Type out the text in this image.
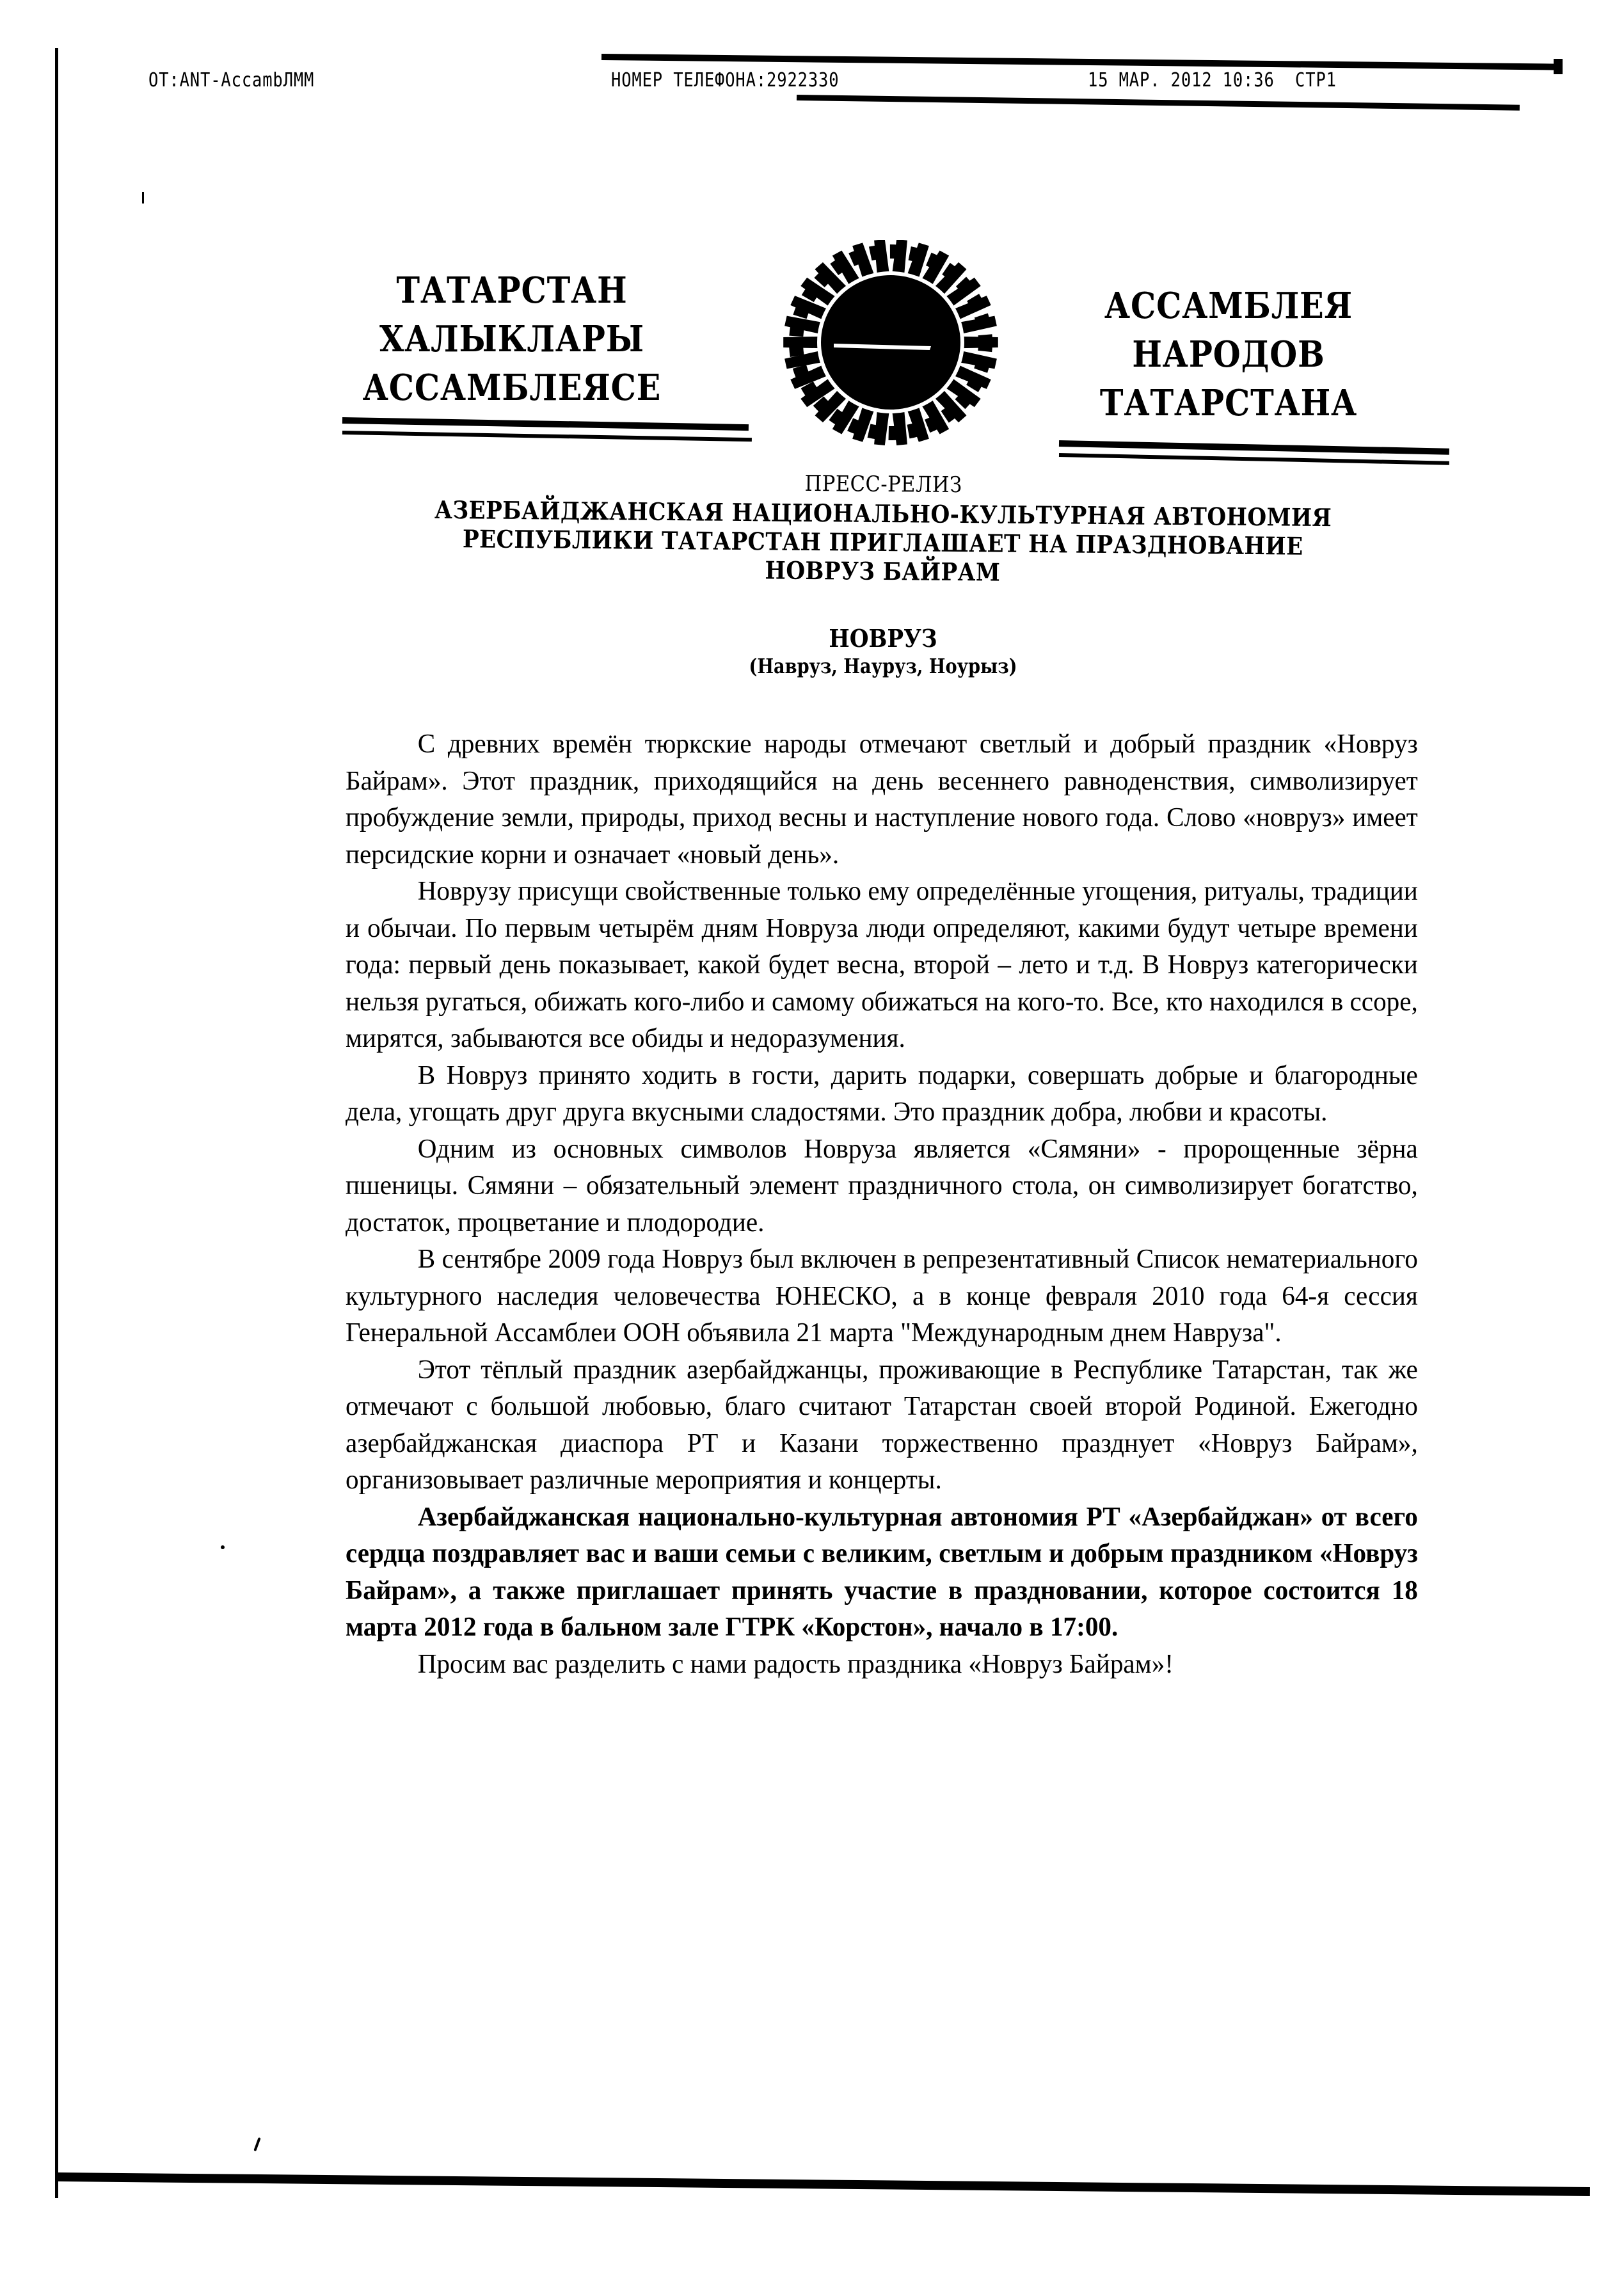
OT:ANT-AccambЛММ	НОМЕР ТЕЛЕФОНА:2922330	15 МАР. 2012 10:36  СТР1
ТАТАРСТАН
ХАЛЫКЛАРЫ
АССАМБЛЕЯСЕ
АССАМБЛЕЯ
НАРОДОВ
ТАТАРСТАНА
ПРЕСС-РЕЛИЗ
АЗЕРБАЙДЖАНСКАЯ НАЦИОНАЛЬНО-КУЛЬТУРНАЯ АВТОНОМИЯ
РЕСПУБЛИКИ ТАТАРСТАН ПРИГЛАШАЕТ НА ПРАЗДНОВАНИЕ
НОВРУЗ БАЙРАМ
НОВРУЗ
(Навруз, Науруз, Ноурыз)

С древних времён тюркские народы отмечают светлый и добрый праздник «Новруз Байрам». Этот праздник, приходящийся на день весеннего равноденствия, символизирует пробуждение земли, природы, приход весны и наступление нового года. Слово «новруз» имеет персидские корни и означает «новый день».

Новрузу присущи свойственные только ему определённые угощения, ритуалы, традиции и обычаи. По первым четырём дням Новруза люди определяют, какими будут четыре времени года: первый день показывает, какой будет весна, второй – лето и т.д. В Новруз категорически нельзя ругаться, обижать кого-либо и самому обижаться на кого-то. Все, кто находился в ссоре, мирятся, забываются все обиды и недоразумения.

В Новруз принято ходить в гости, дарить подарки, совершать добрые и благородные дела, угощать друг друга вкусными сладостями. Это праздник добра, любви и красоты.

Одним из основных символов Новруза является «Сямяни» - пророщенные зёрна пшеницы. Сямяни – обязательный элемент праздничного стола, он символизирует богатство, достаток, процветание и плодородие.

В сентябре 2009 года Новруз был включен в репрезентативный Список нематериального культурного наследия человечества ЮНЕСКО, а в конце февраля 2010 года 64-я сессия Генеральной Ассамблеи ООН объявила 21 марта "Международным днем Навруза".

Этот тёплый праздник азербайджанцы, проживающие в Республике Татарстан, так же отмечают с большой любовью, благо считают Татарстан своей второй Родиной. Ежегодно азербайджанская диаспора РТ и Казани торжественно празднует «Новруз Байрам», организовывает различные мероприятия и концерты.

Азербайджанская национально-культурная автономия РТ «Азербайджан» от всего сердца поздравляет вас и ваши семьи с великим, светлым и добрым праздником «Новруз Байрам», а также приглашает принять участие в праздновании, которое состоится 18 марта 2012 года в бальном зале ГТРК «Корстон», начало в 17:00.

Просим вас разделить с нами радость праздника «Новруз Байрам»!
